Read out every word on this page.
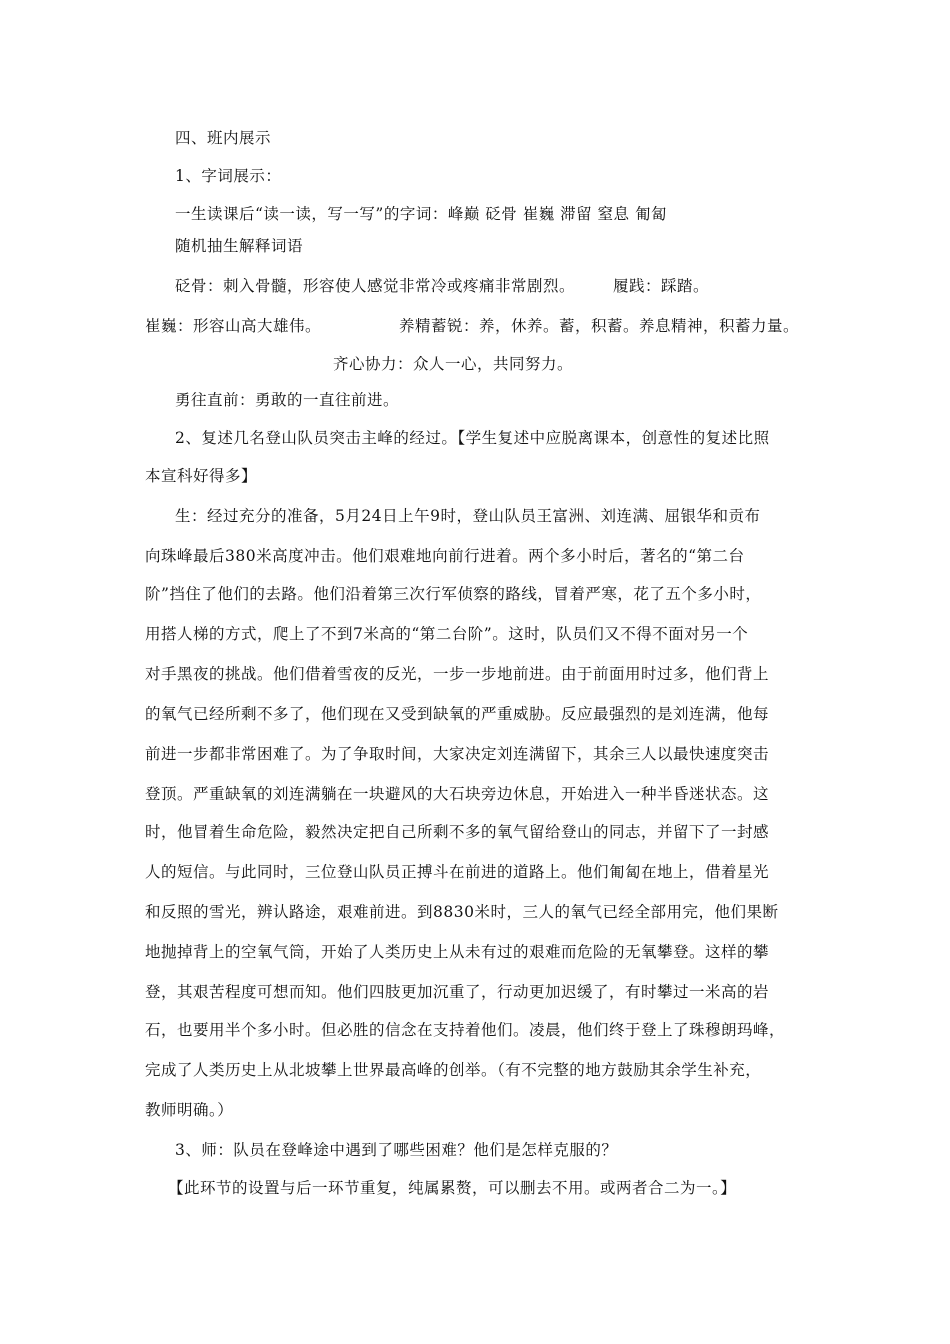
四、班内展示
1、字词展示：
一生读课后“读一读，写一写”的字词：峰巅 砭骨 崔巍 滞留 窒息 匍匐
随机抽生解释词语
砭骨：刺入骨髓，形容使人感觉非常冷或疼痛非常剧烈。 履践：踩踏。
崔巍：形容山高大雄伟。	养精蓄锐：养，休养。蓄，积蓄。养息精神，积蓄力量。
齐心协力：众人一心，共同努力。
勇往直前：勇敢的一直往前进。
2、复述几名登山队员突击主峰的经过。【学生复述中应脱离课本，创意性的复述比照
本宣科好得多】
生：经过充分的准备，5月24日上午9时，登山队员王富洲、刘连满、屈银华和贡布
向珠峰最后380米高度冲击。他们艰难地向前行进着。两个多小时后，著名的“第二台
阶”挡住了他们的去路。他们沿着第三次行军侦察的路线，冒着严寒，花了五个多小时，
用搭人梯的方式，爬上了不到7米高的“第二台阶”。这时，队员们又不得不面对另一个
对手黑夜的挑战。他们借着雪夜的反光，一步一步地前进。由于前面用时过多，他们背上
的氧气已经所剩不多了，他们现在又受到缺氧的严重威胁。反应最强烈的是刘连满，他每
前进一步都非常困难了。为了争取时间，大家决定刘连满留下，其余三人以最快速度突击
登顶。严重缺氧的刘连满躺在一块避风的大石块旁边休息，开始进入一种半昏迷状态。这
时，他冒着生命危险，毅然决定把自己所剩不多的氧气留给登山的同志，并留下了一封感
人的短信。与此同时，三位登山队员正搏斗在前进的道路上。他们匍匐在地上，借着星光
和反照的雪光，辨认路途，艰难前进。到8830米时，三人的氧气已经全部用完，他们果断
地抛掉背上的空氧气筒，开始了人类历史上从未有过的艰难而危险的无氧攀登。这样的攀
登，其艰苦程度可想而知。他们四肢更加沉重了，行动更加迟缓了，有时攀过一米高的岩
石，也要用半个多小时。但必胜的信念在支持着他们。凌晨，他们终于登上了珠穆朗玛峰，
完成了人类历史上从北坡攀上世界最高峰的创举。（有不完整的地方鼓励其余学生补充，
教师明确。）
3、师：队员在登峰途中遇到了哪些困难？他们是怎样克服的？
【此环节的设置与后一环节重复，纯属累赘，可以删去不用。或两者合二为一。】
